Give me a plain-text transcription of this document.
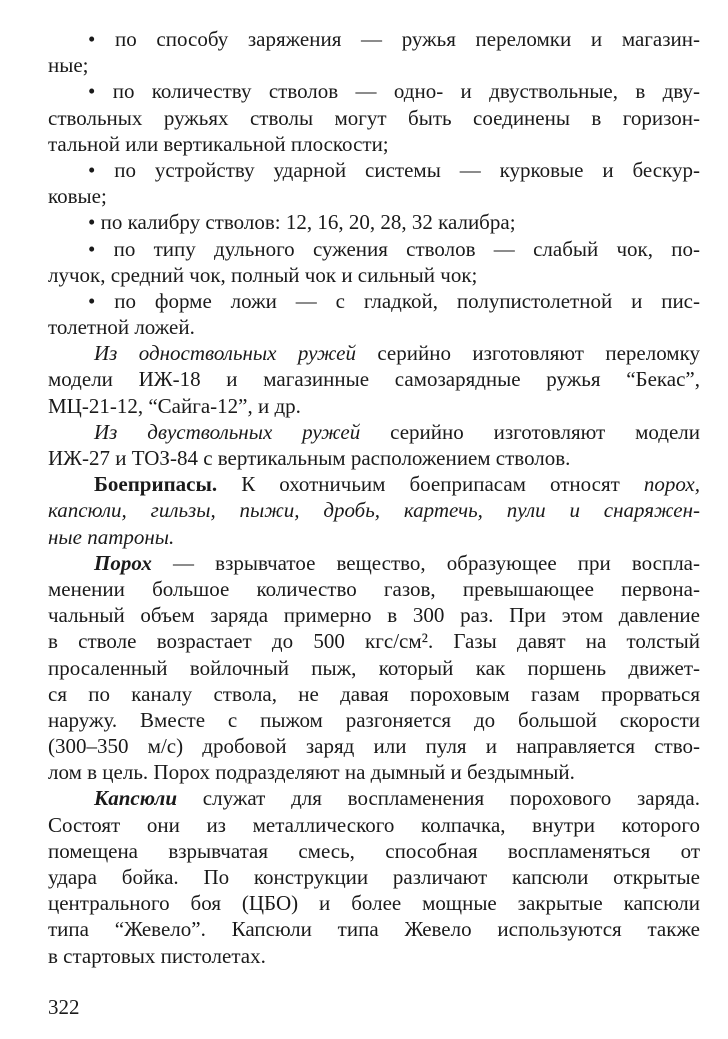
• по способу заряжения — ружья переломки и магазин-
ные;
• по количеству стволов — одно- и двуствольные, в дву-
ствольных ружьях стволы могут быть соединены в горизон-
тальной или вертикальной плоскости;
• по устройству ударной системы — курковые и бескур-
ковые;
• по калибру стволов: 12, 16, 20, 28, 32 калибра;
• по типу дульного сужения стволов — слабый чок, по-
лучок, средний чок, полный чок и сильный чок;
• по форме ложи — с гладкой, полупистолетной и пис-
толетной ложей.
Из одноствольных ружей серийно изготовляют переломку
модели ИЖ-18 и магазинные самозарядные ружья “Бекас”,
МЦ-21-12, “Сайга-12”, и др.
Из двуствольных ружей серийно изготовляют модели
ИЖ-27 и ТОЗ-84 с вертикальным расположением стволов.
Боеприпасы. К охотничьим боеприпасам относят порох,
капсюли, гильзы, пыжи, дробь, картечь, пули и снаряжен-
ные патроны.
Порох — взрывчатое вещество, образующее при воспла-
менении большое количество газов, превышающее первона-
чальный объем заряда примерно в 300 раз. При этом давление
в стволе возрастает до 500 кгс/см². Газы давят на толстый
просаленный войлочный пыж, который как поршень движет-
ся по каналу ствола, не давая пороховым газам прорваться
наружу. Вместе с пыжом разгоняется до большой скорости
(300–350 м/с) дробовой заряд или пуля и направляется ство-
лом в цель. Порох подразделяют на дымный и бездымный.
Капсюли служат для воспламенения порохового заряда.
Состоят они из металлического колпачка, внутри которого
помещена взрывчатая смесь, способная воспламеняться от
удара бойка. По конструкции различают капсюли открытые
центрального боя (ЦБО) и более мощные закрытые капсюли
типа “Жевело”. Капсюли типа Жевело используются также
в стартовых пистолетах.
322
